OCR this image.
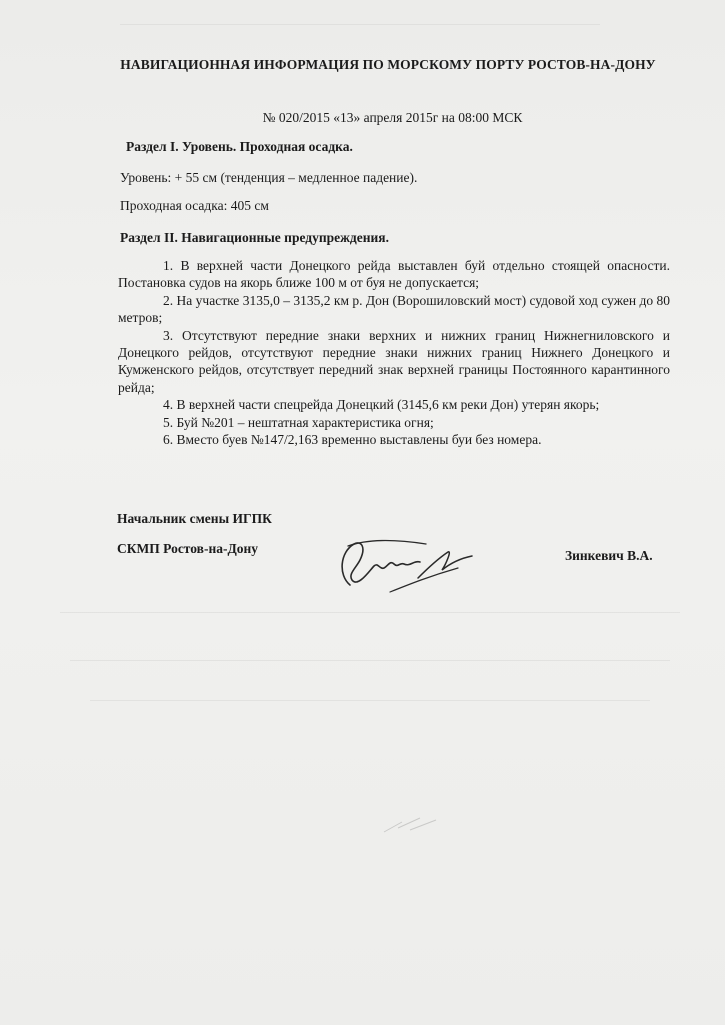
НАВИГАЦИОННАЯ ИНФОРМАЦИЯ ПО МОРСКОМУ ПОРТУ РОСТОВ-НА-ДОНУ
№ 020/2015 «13» апреля 2015г на 08:00 МСК
Раздел I. Уровень. Проходная осадка.
Уровень: + 55 см (тенденция – медленное падение).
Проходная осадка: 405 см
Раздел II. Навигационные предупреждения.

1. В верхней части Донецкого рейда выставлен буй отдельно стоящей опасности. Постановка судов на якорь ближе 100 м от буя не допускается;

2. На участке 3135,0 – 3135,2 км р. Дон (Ворошиловский мост) судовой ход сужен до 80 метров;

3. Отсутствуют передние знаки верхних и нижних границ Нижнегниловского и Донецкого рейдов, отсутствуют передние знаки нижних границ Нижнего Донецкого и Кумженского рейдов, отсутствует передний знак верхней границы Постоянного карантинного рейда;

4. В верхней части спецрейда Донецкий (3145,6 км реки Дон) утерян якорь;

5. Буй №201 – нештатная характеристика огня;

6. Вместо буев №147/2,163 временно выставлены буи без номера.

Начальник смены ИГПК
СКМП Ростов-на-Дону	Зинкевич В.А.
